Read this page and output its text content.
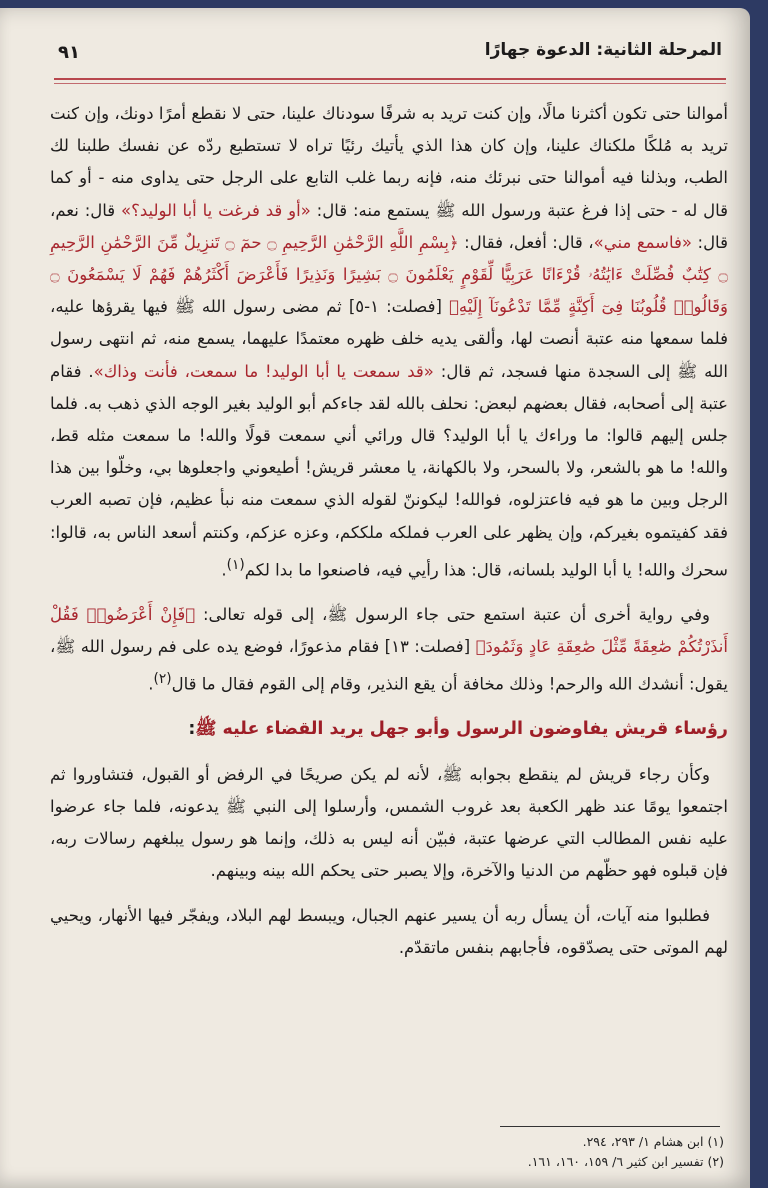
المرحلة الثانية: الدعوة جهارًا
٩١

أموالنا حتى تكون أكثرنا مالًا، وإن كنت تريد به شرفًا سودناك علينا، حتى لا نقطع أمرًا دونك، وإن كنت تريد به مُلكًا ملكناك علينا، وإن كان هذا الذي يأتيك رئيًا تراه لا تستطيع ردّه عن نفسك طلبنا لك الطب، وبذلنا فيه أموالنا حتى نبرئك منه، فإنه ربما غلب التابع على الرجل حتى يداوى منه - أو كما قال له - حتى إذا فرغ عتبة ورسول الله ﷺ يستمع منه: قال: «أو قد فرغت يا أبا الوليد؟» قال: نعم، قال: «فاسمع مني»، قال: أفعل، فقال: ﴿بِسْمِ اللَّهِ الرَّحْمَٰنِ الرَّحِيمِ ۝ حمٓ ۝ تَنزِيلٌ مِّنَ الرَّحْمَٰنِ الرَّحِيمِ ۝ كِتَٰبٌ فُصِّلَتْ ءَايَٰتُهُۥ قُرْءَانًا عَرَبِيًّا لِّقَوْمٍ يَعْلَمُونَ ۝ بَشِيرًا وَنَذِيرًا فَأَعْرَضَ أَكْثَرُهُمْ فَهُمْ لَا يَسْمَعُونَ ۝ وَقَالُوا۟ قُلُوبُنَا فِىٓ أَكِنَّةٍ مِّمَّا تَدْعُونَآ إِلَيْهِ﴾ [فصلت: ١-٥] ثم مضى رسول الله ﷺ فيها يقرؤها عليه، فلما سمعها منه عتبة أنصت لها، وألقى يديه خلف ظهره معتمدًا عليهما، يسمع منه، ثم انتهى رسول الله ﷺ إلى السجدة منها فسجد، ثم قال: «قد سمعت يا أبا الوليد! ما سمعت، فأنت وذاك». فقام عتبة إلى أصحابه، فقال بعضهم لبعض: نحلف بالله لقد جاءكم أبو الوليد بغير الوجه الذي ذهب به. فلما جلس إليهم قالوا: ما وراءك يا أبا الوليد؟ قال ورائي أني سمعت قولًا والله! ما سمعت مثله قط، والله! ما هو بالشعر، ولا بالسحر، ولا بالكهانة، يا معشر قريش! أطيعوني واجعلوها بي، وخلّوا بين هذا الرجل وبين ما هو فيه فاعتزلوه، فوالله! ليكوننّ لقوله الذي سمعت منه نبأ عظيم، فإن تصبه العرب فقد كفيتموه بغيركم، وإن يظهر على العرب فملكه ملككم، وعزه عزكم، وكنتم أسعد الناس به، قالوا: سحرك والله! يا أبا الوليد بلسانه، قال: هذا رأيي فيه، فاصنعوا ما بدا لكم$^{(١)}$.

وفي رواية أخرى أن عتبة استمع حتى جاء الرسول ﷺ، إلى قوله تعالى: ﴿فَإِنْ أَعْرَضُوا۟ فَقُلْ أَنذَرْتُكُمْ صَٰعِقَةً مِّثْلَ صَٰعِقَةِ عَادٍ وَثَمُودَ﴾ [فصلت: ١٣] فقام مذعورًا، فوضع يده على فم رسول الله ﷺ، يقول: أنشدك الله والرحم! وذلك مخافة أن يقع النذير، وقام إلى القوم فقال ما قال$^{(٢)}$.

رؤساء قريش يفاوضون الرسول وأبو جهل يريد القضاء عليه ﷺ:

وكأن رجاء قريش لم ينقطع بجوابه ﷺ، لأنه لم يكن صريحًا في الرفض أو القبول، فتشاوروا ثم اجتمعوا يومًا عند ظهر الكعبة بعد غروب الشمس، وأرسلوا إلى النبي ﷺ يدعونه، فلما جاء عرضوا عليه نفس المطالب التي عرضها عتبة، فبيّن أنه ليس به ذلك، وإنما هو رسول يبلغهم رسالات ربه، فإن قبلوه فهو حظّهم من الدنيا والآخرة، وإلا يصبر حتى يحكم الله بينه وبينهم.

فطلبوا منه آيات، أن يسأل ربه أن يسير عنهم الجبال، ويبسط لهم البلاد، ويفجّر فيها الأنهار، ويحيي لهم الموتى حتى يصدّقوه، فأجابهم بنفس ماتقدّم.

(١) ابن هشام ١/ ٢٩٣، ٢٩٤.
(٢) تفسير ابن كثير ٦/ ١٥٩، ١٦٠، ١٦١.
